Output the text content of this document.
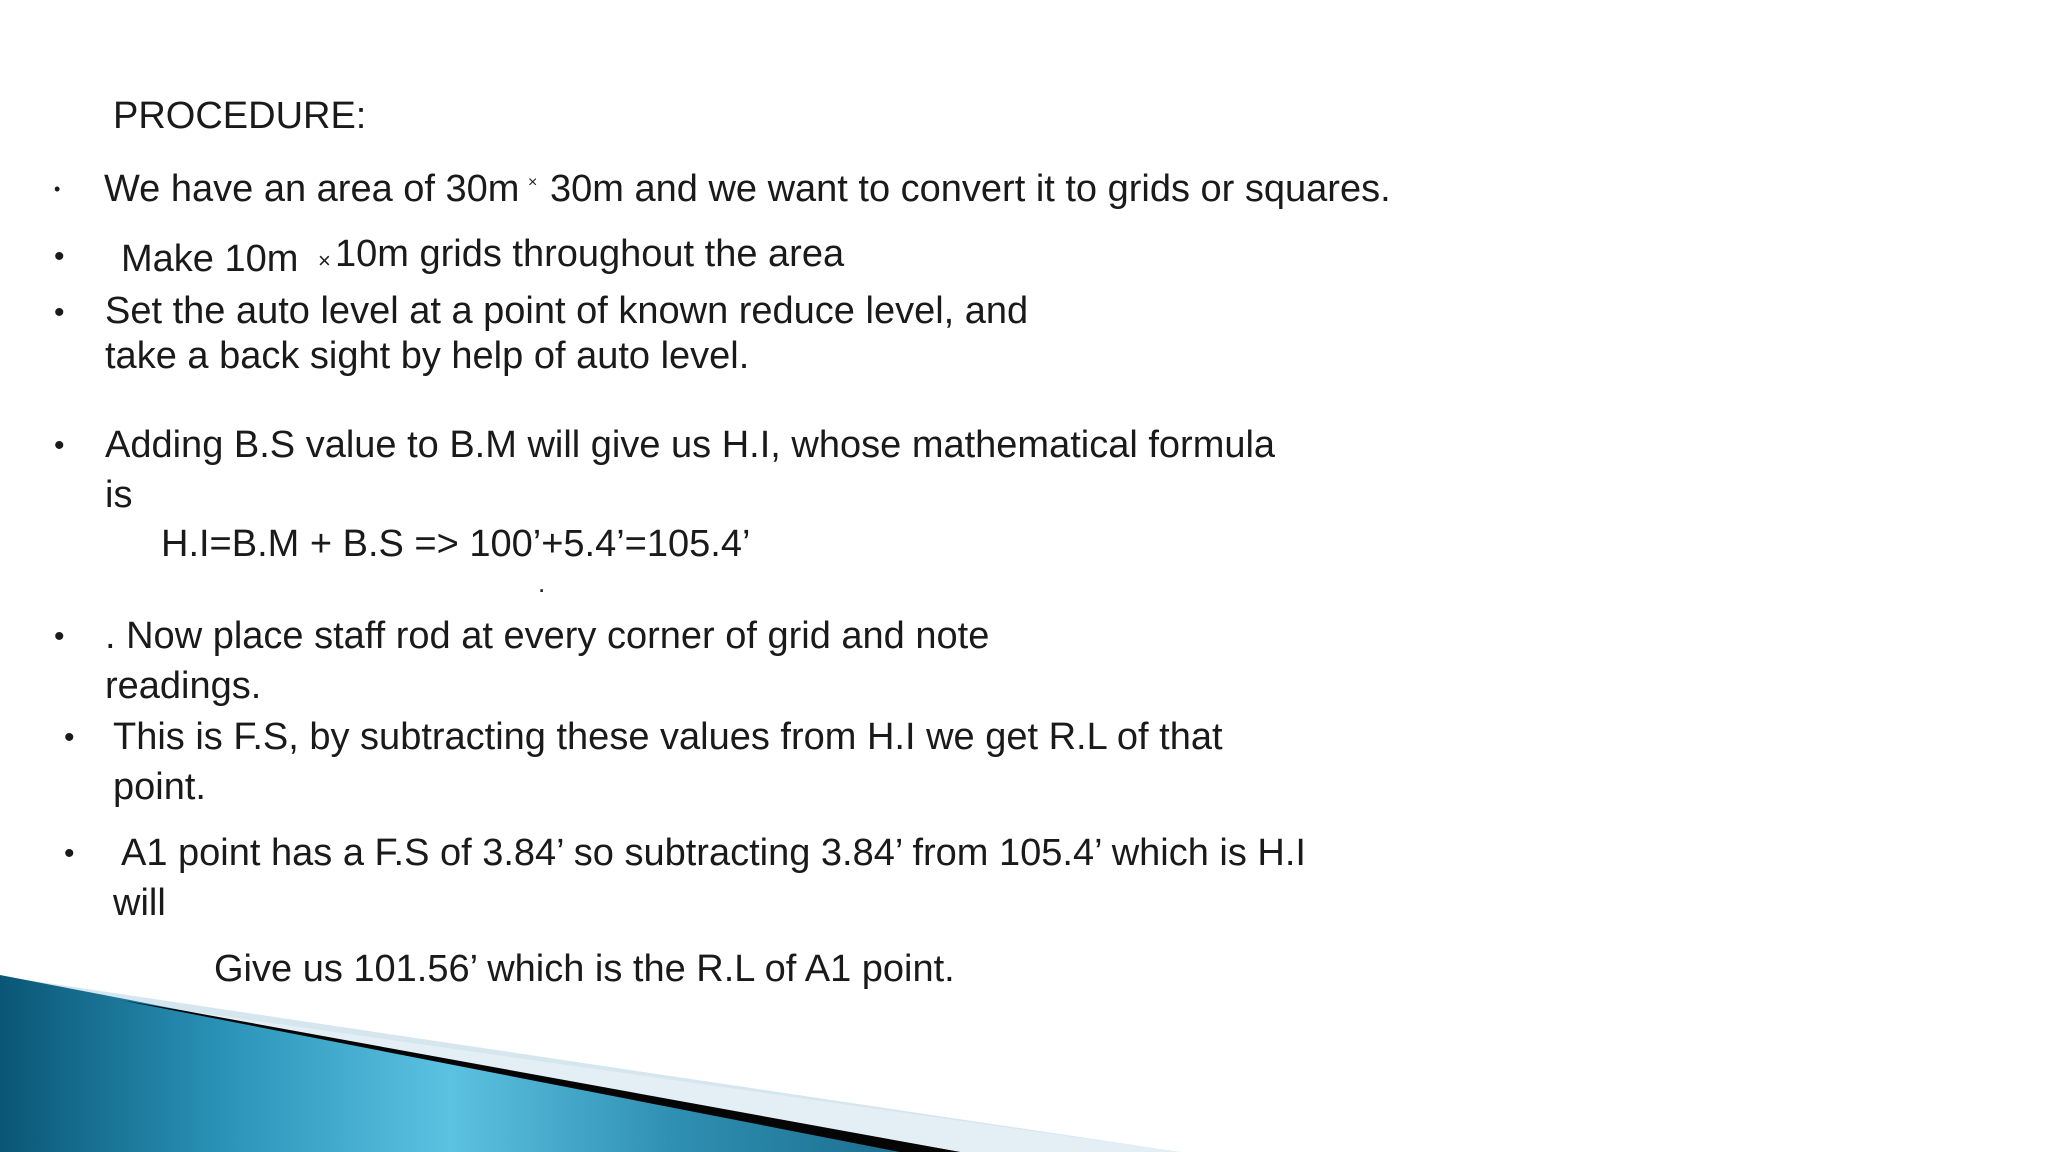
PROCEDURE:
• We have an area of 30m × 30m and we want to convert it to grids or squares.
• Make 10m × 10m grids throughout the area
• Set the auto level at a point of known reduce level, and
take a back sight by help of auto level.
• Adding B.S value to B.M will give us H.I, whose mathematical formula
is
H.I=B.M + B.S => 100’+5.4’=105.4’
.
• . Now place staff rod at every corner of grid and note
readings.
• This is F.S, by subtracting these values from H.I we get R.L of that
point.
• A1 point has a F.S of 3.84’ so subtracting 3.84’ from 105.4’ which is H.I
will
Give us 101.56’ which is the R.L of A1 point.
